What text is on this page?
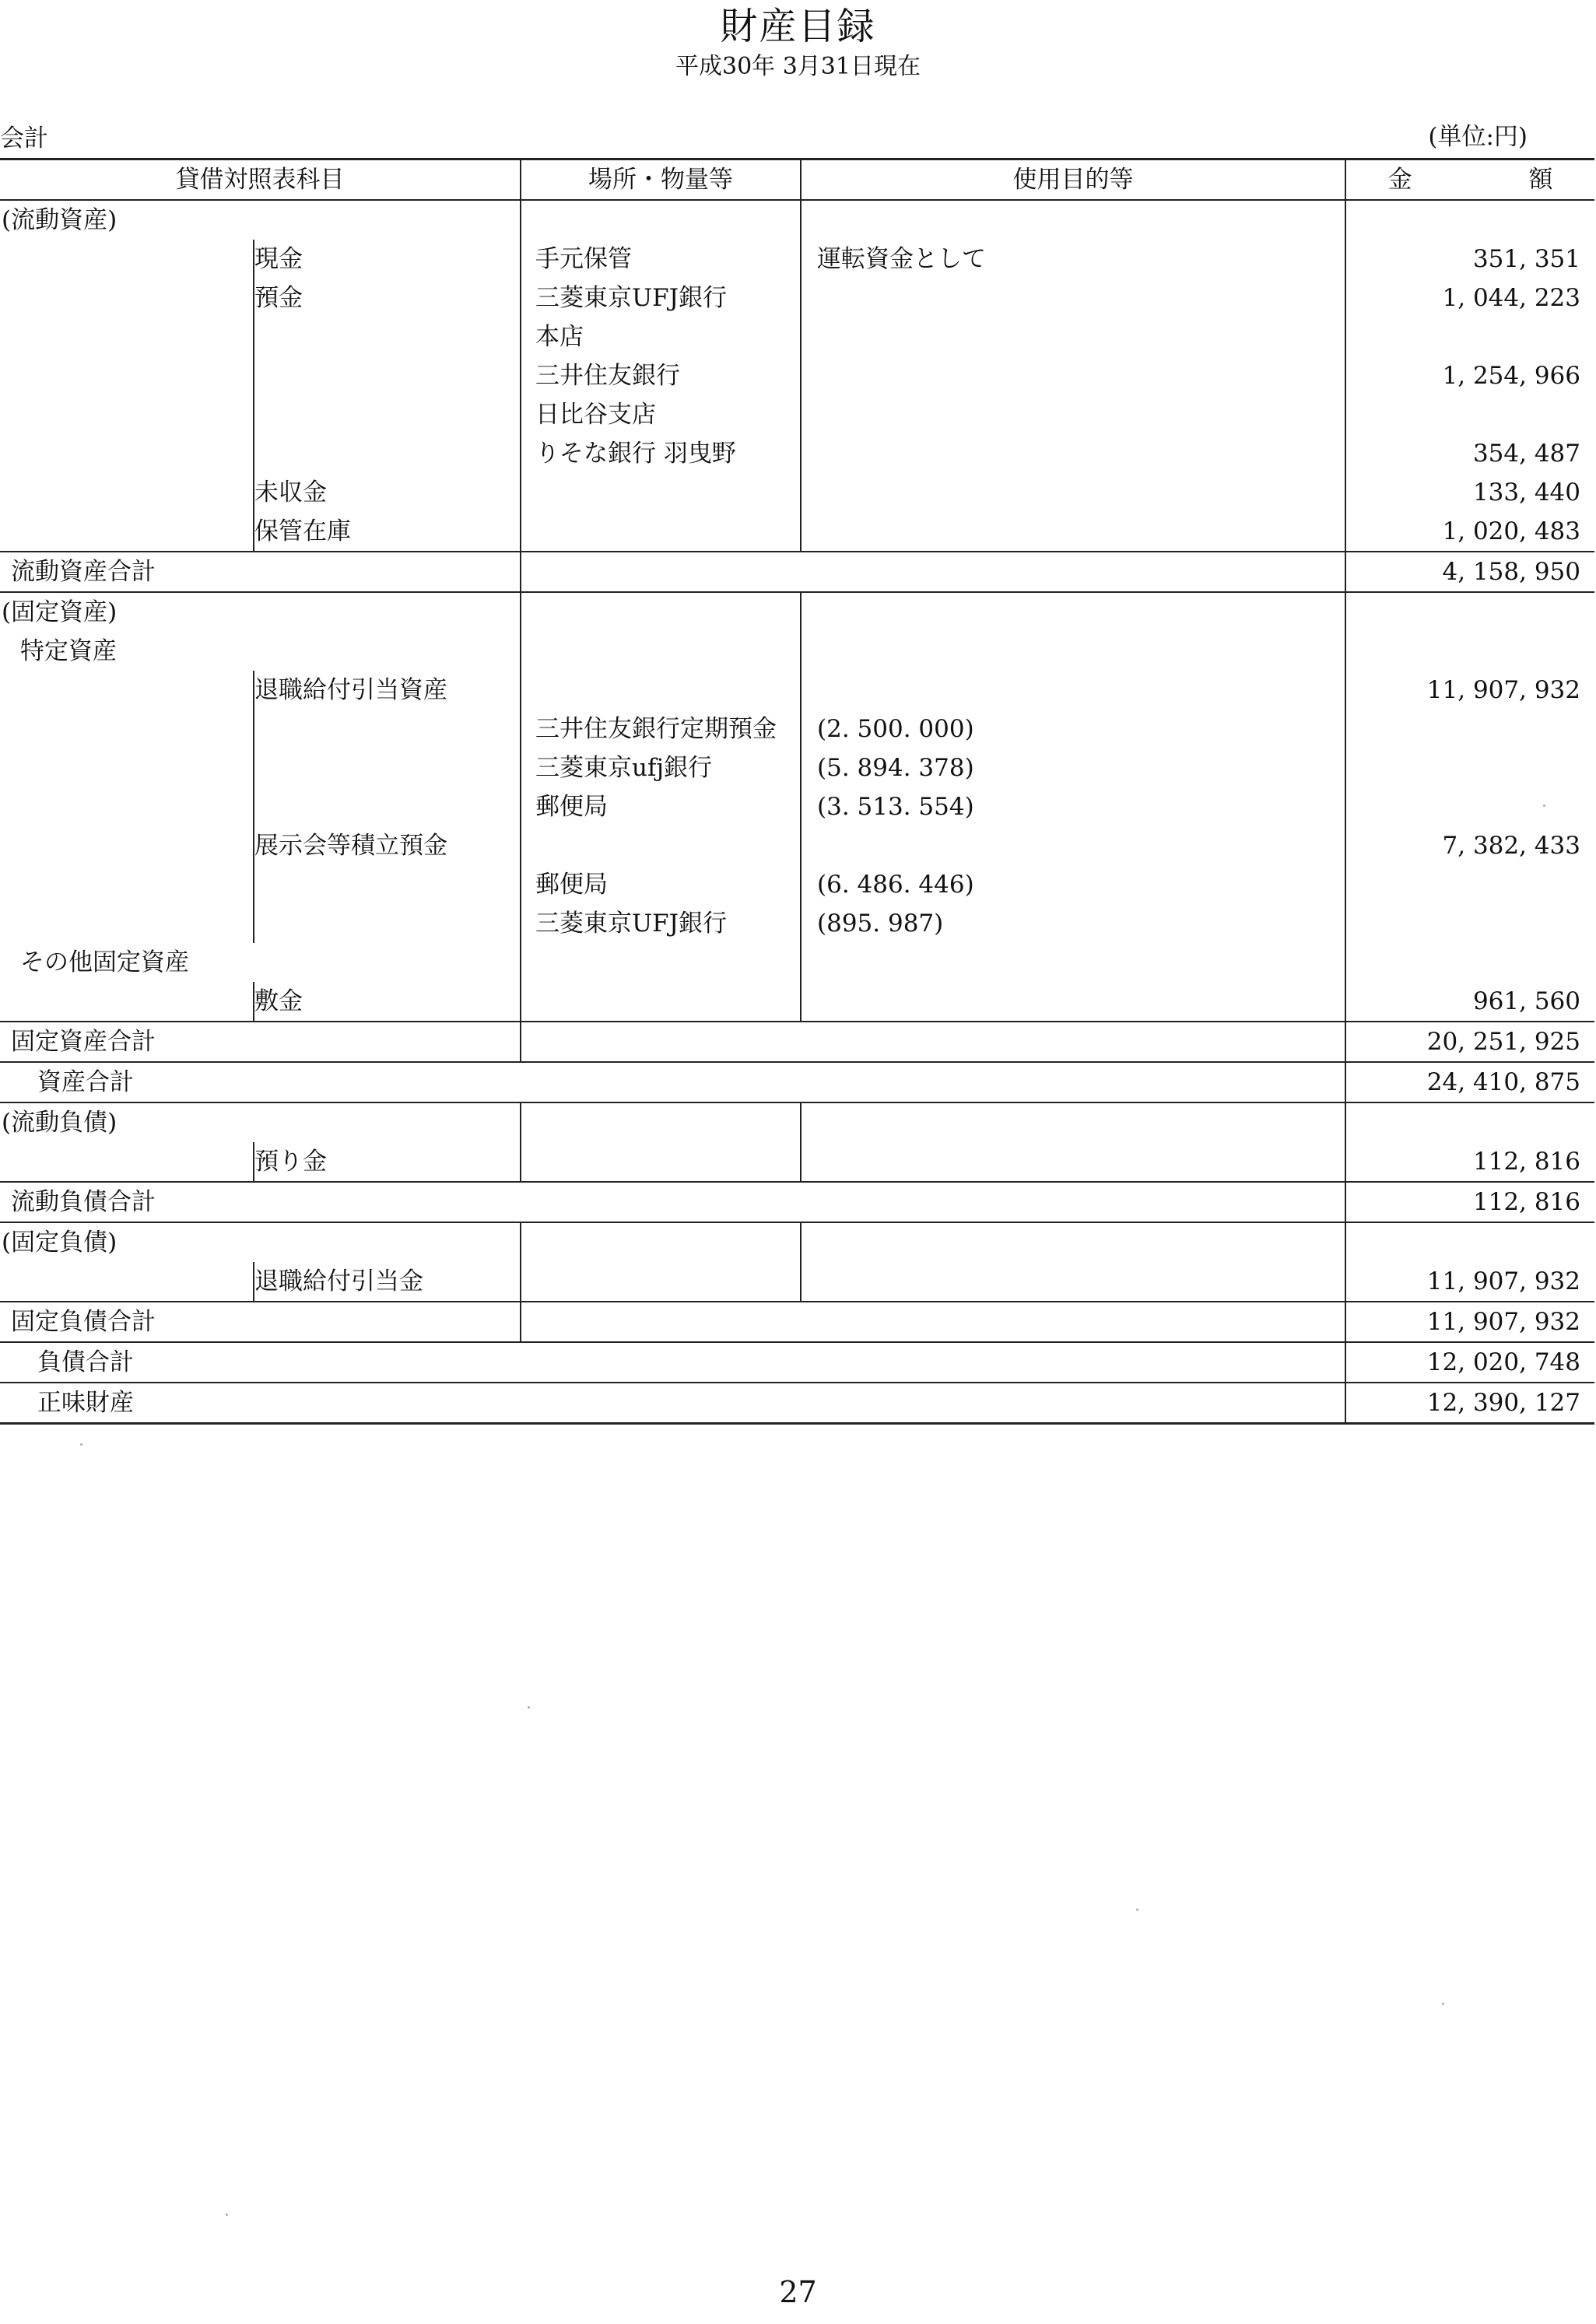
財産目録
平成30年 3月31日現在
会計	(単位:円)
貸借対照表科目		場所・物量等	使用目的等	金 額
(流動資産)				
	現金	手元保管	運転資金として	351, 351
	預金	三菱東京UFJ銀行		1, 044, 223
		本店		
		三井住友銀行		1, 254, 966
		日比谷支店		
		りそな銀行 羽曳野		354, 487
	未収金			133, 440
	保管在庫			1, 020, 483
流動資産合計				4, 158, 950
(固定資産)				
特定資産				
	退職給付引当資産			11, 907, 932
		三井住友銀行定期預金	(2. 500. 000)	
		三菱東京ufj銀行	(5. 894. 378)	
		郵便局	(3. 513. 554)	
	展示会等積立預金			7, 382, 433
		郵便局	(6. 486. 446)	
		三菱東京UFJ銀行	(895. 987)	
その他固定資産				
	敷金			961, 560
固定資産合計				20, 251, 925
資産合計				24, 410, 875
(流動負債)				
	預り金			112, 816
流動負債合計				112, 816
(固定負債)				
	退職給付引当金			11, 907, 932
固定負債合計				11, 907, 932
負債合計				12, 020, 748
正味財産				12, 390, 127
27
